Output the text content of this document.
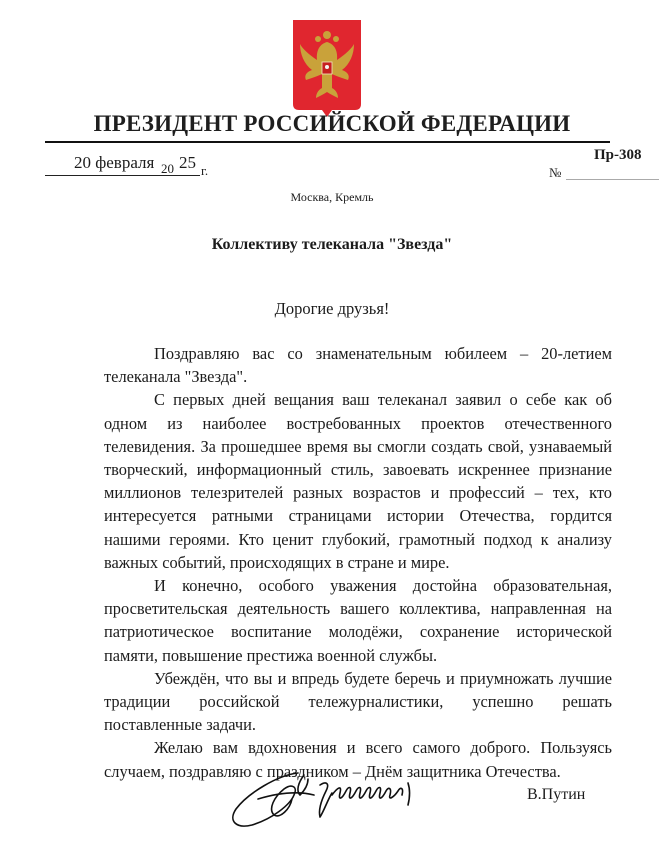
ПРЕЗИДЕНТ РОССИЙСКОЙ ФЕДЕРАЦИИ
20 февраля 20 25 г.	№
Пр-308
Москва, Кремль
Коллективу телеканала "Звезда"
Дорогие друзья!

Поздравляю вас со знаменательным юбилеем – 20-летием телеканала "Звезда".

С первых дней вещания ваш телеканал заявил о себе как об одном из наиболее востребованных проектов отечественного телевидения. За прошедшее время вы смогли создать свой, узнаваемый творческий, информационный стиль, завоевать искреннее признание миллионов телезрителей разных возрастов и профессий – тех, кто интересуется ратными страницами истории Отечества, гордится нашими героями. Кто ценит глубокий, грамотный подход к анализу важных событий, происходящих в стране и мире.

И конечно, особого уважения достойна образовательная, просветительская деятельность вашего коллектива, направленная на патриотическое воспитание молодёжи, сохранение исторической памяти, повышение престижа военной службы.

Убеждён, что вы и впредь будете беречь и приумножать лучшие традиции российской тележурналистики, успешно решать поставленные задачи.

Желаю вам вдохновения и всего самого доброго. Пользуясь случаем, поздравляю с праздником – Днём защитника Отечества.

В.Путин
